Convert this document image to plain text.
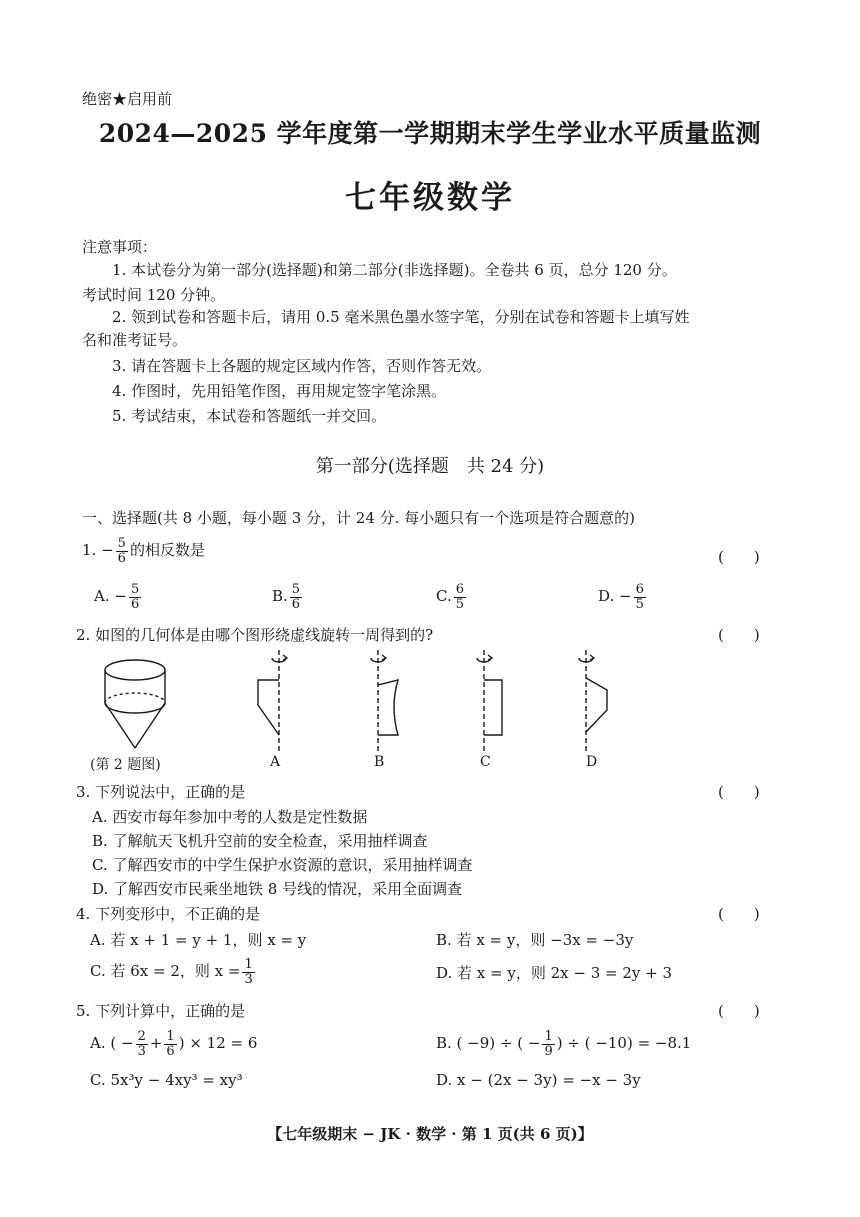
绝密★启用前
2024—2025 学年度第一学期期末学生学业水平质量监测
七年级数学
注意事项：
1. 本试卷分为第一部分(选择题)和第二部分(非选择题)。全卷共 6 页，总分 120 分。
考试时间 120 分钟。
2. 领到试卷和答题卡后，请用 0.5 毫米黑色墨水签字笔，分别在试卷和答题卡上填写姓
名和准考证号。
3. 请在答题卡上各题的规定区域内作答，否则作答无效。
4. 作图时，先用铅笔作图，再用规定签字笔涂黑。
5. 考试结束，本试卷和答题纸一并交回。
第一部分(选择题　共 24 分)
一、选择题(共 8 小题，每小题 3 分，计 24 分. 每小题只有一个选项是符合题意的)
1. − $\frac{5}{6}$ 的相反数是	(　　)
A. − $\frac{5}{6}$	B. $\frac{5}{6}$	C. $\frac{6}{5}$	D. − $\frac{6}{5}$
2. 如图的几何体是由哪个图形绕虚线旋转一周得到的?	(　　)
(第 2 题图)	A	B	C	D
3. 下列说法中，正确的是	(　　)
A. 西安市每年参加中考的人数是定性数据
B. 了解航天飞机升空前的安全检查，采用抽样调查
C. 了解西安市的中学生保护水资源的意识，采用抽样调查
D. 了解西安市民乘坐地铁 8 号线的情况，采用全面调查
4. 下列变形中，不正确的是	(　　)
A. 若 x + 1 = y + 1，则 x = y	B. 若 x = y，则 −3x = −3y
C. 若 6x = 2，则 $x = \frac{1}{3}$	D. 若 x = y，则 2x − 3 = 2y + 3
5. 下列计算中，正确的是	(　　)
A. ( − $\frac{2}{3} + \frac{1}{6}$ ) × 12 = 6	B. ( −9) ÷ ( − $\frac{1}{9}$ ) ÷ ( −10) = −8.1
C. 5x³y − 4xy³ = xy³	D. x − (2x − 3y) = −x − 3y
【七年级期末 − JK · 数学 · 第 1 页(共 6 页)】
